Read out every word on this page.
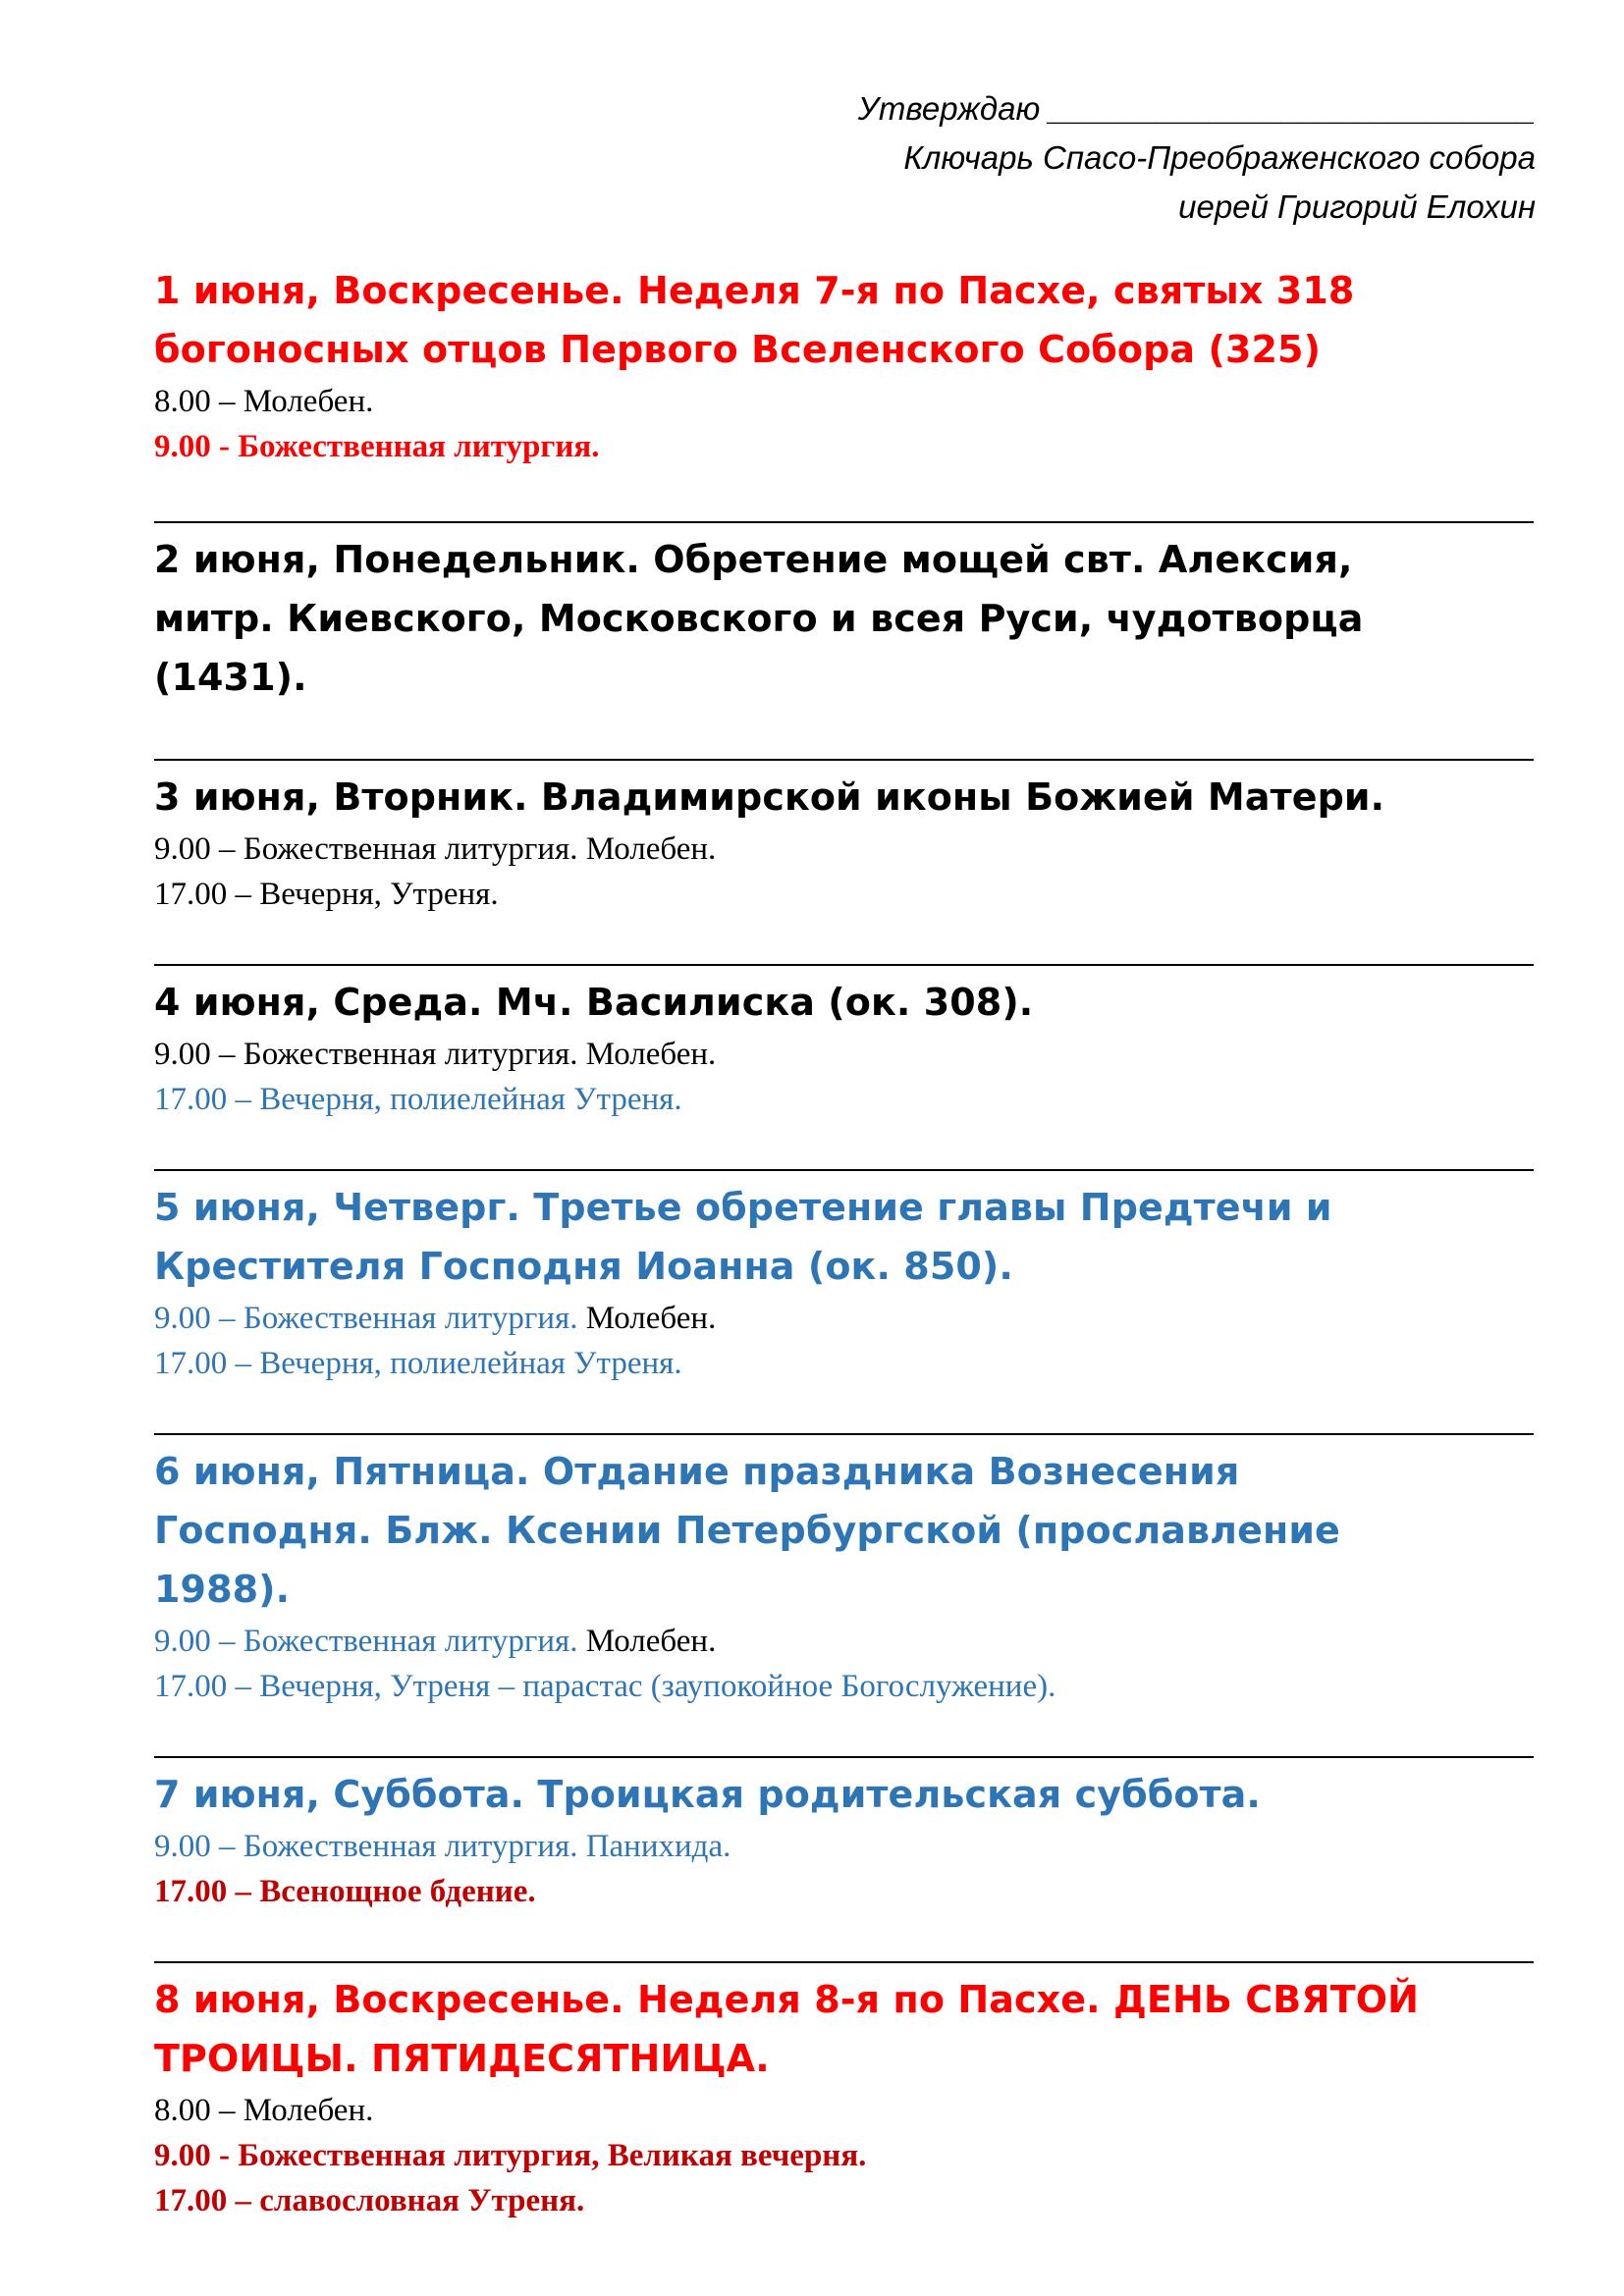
Утверждаю ___________________________
Ключарь Спасо-Преображенского собора
иерей Григорий Елохин

1 июня, Воскресенье. Неделя 7-я по Пасхе, святых 318
богоносных отцов Первого Вселенского Собора (325)

8.00 – Молебен.

9.00 - Божественная литургия.

2 июня, Понедельник. Обретение мощей свт. Алексия,
митр. Киевского, Московского и всея Руси, чудотворца
(1431).

3 июня, Вторник. Владимирской иконы Божией Матери.

9.00 – Божественная литургия. Молебен.

17.00 – Вечерня, Утреня.

4 июня, Среда. Мч. Василиска (ок. 308).

9.00 – Божественная литургия. Молебен.

17.00 – Вечерня, полиелейная Утреня.

5 июня, Четверг. Третье обретение главы Предтечи и
Крестителя Господня Иоанна (ок. 850).

9.00 – Божественная литургия. Молебен.

17.00 – Вечерня, полиелейная Утреня.

6 июня, Пятница. Отдание праздника Вознесения
Господня. Блж. Ксении Петербургской (прославление
1988).

9.00 – Божественная литургия. Молебен.

17.00 – Вечерня, Утреня – парастас (заупокойное Богослужение).

7 июня, Суббота. Троицкая родительская суббота.

9.00 – Божественная литургия. Панихида.

17.00 – Всенощное бдение.

8 июня, Воскресенье. Неделя 8-я по Пасхе. ДЕНЬ СВЯТОЙ
ТРОИЦЫ. ПЯТИДЕСЯТНИЦА.

8.00 – Молебен.

9.00 - Божественная литургия, Великая вечерня.

17.00 – славословная Утреня.
